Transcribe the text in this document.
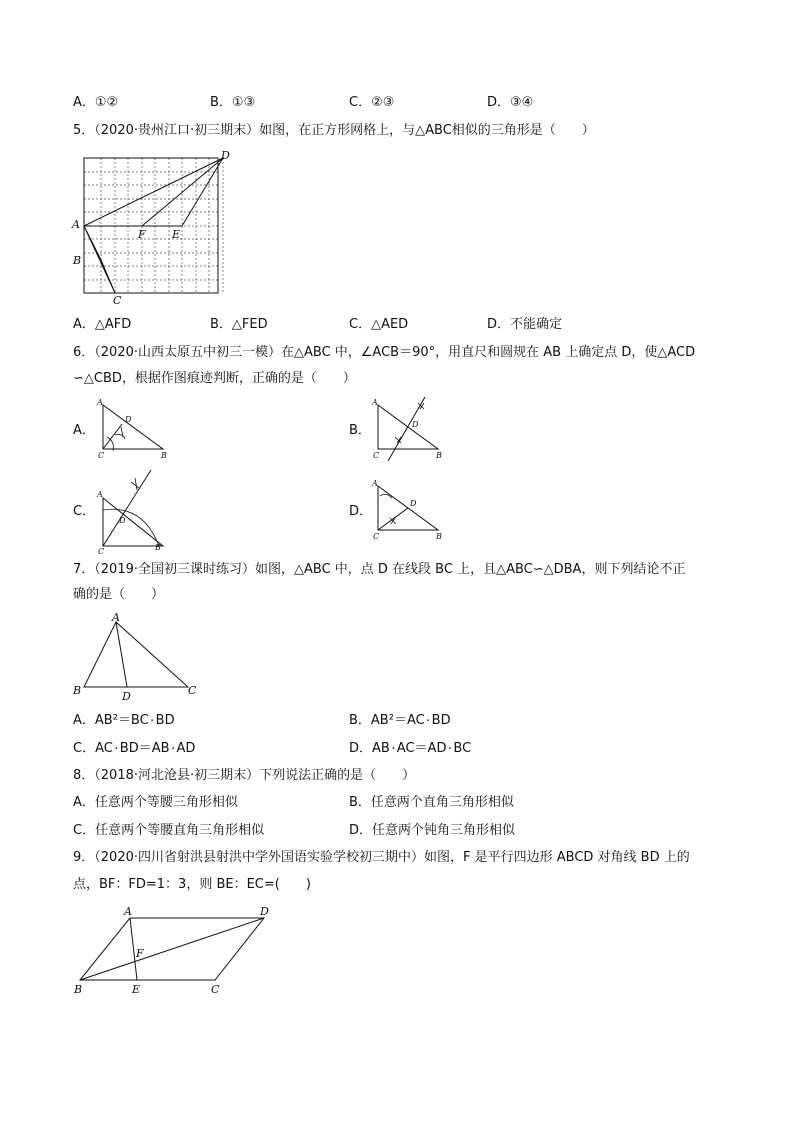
A．①②	B．①③	C．②③	D．③④
5．（2020·贵州江口·初三期末）如图，在正方形网格上，与△ABC相似的三角形是（　　）
A
B
C
D
E
F
A．△AFD	B．△FED	C．△AED	D．不能确定
6．（2020·山西太原五中初三一模）在△ABC 中，∠ACB＝90°，用直尺和圆规在 AB 上确定点 D，使△ACD
∽△CBD，根据作图痕迹判断，正确的是（　　）
A．
A
B
C
D
B．
A
B
C
D
C．
A
B
C
D
D．
A
B
C
D
7．（2019·全国初三课时练习）如图，△ABC 中，点 D 在线段 BC 上，且△ABC∽△DBA，则下列结论不正
确的是（　　）
A
B	C
D
A．AB²＝BC۰BD	B．AB²＝AC۰BD
C．AC۰BD＝AB۰AD	D．AB۰AC＝AD۰BC
8．（2018·河北沧县·初三期末）下列说法正确的是（　　）
A．任意两个等腰三角形相似	B．任意两个直角三角形相似
C．任意两个等腰直角三角形相似	D．任意两个钝角三角形相似
9．（2020·四川省射洪县射洪中学外国语实验学校初三期中）如图，F 是平行四边形 ABCD 对角线 BD 上的
点，BF：FD=1：3，则 BE：EC=(　　)
A
B	C
D
E
F
